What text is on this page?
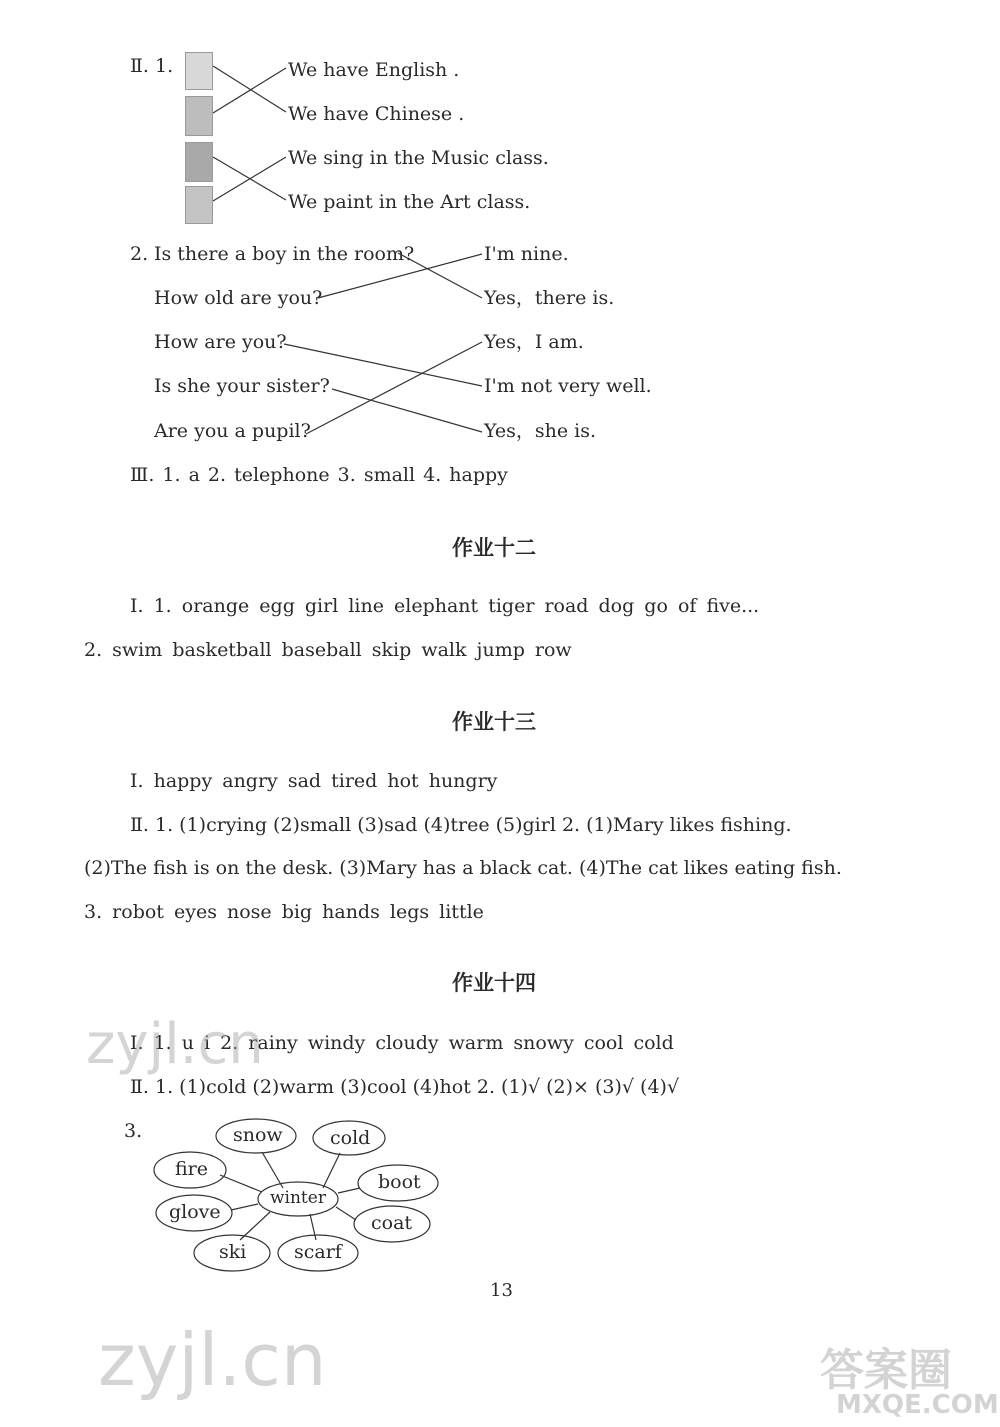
Ⅱ. 1.	We have English .
We have Chinese .
We sing in the Music class.
We paint in the Art class.
2. Is there a boy in the room?
How old are you?
How are you?
Is she your sister?
Are you a pupil?
I'm nine.
Yes，there is.
Yes，I am.
I'm not very well.
Yes，she is.
Ⅲ. 1. a 2. telephone 3. small 4. happy
作业十二
Ⅰ. 1. orange egg girl line elephant tiger road dog go of five...
2. swim basketball baseball skip walk jump row
作业十三
Ⅰ. happy angry sad tired hot hungry
Ⅱ. 1. (1)crying (2)small (3)sad (4)tree (5)girl 2. (1)Mary likes fishing.
(2)The fish is on the desk. (3)Mary has a black cat. (4)The cat likes eating fish.
3. robot eyes nose big hands legs little
作业十四
Ⅰ. 1. u i 2. rainy windy cloudy warm snowy cool cold
Ⅱ. 1. (1)cold (2)warm (3)cool (4)hot 2. (1)√ (2)× (3)√ (4)√
3.
winter
snow cold
fire
boot
glove	coat
ski	scarf
13
zyjl.cn
zyjl.cn	答案圈
MXQE.COM
